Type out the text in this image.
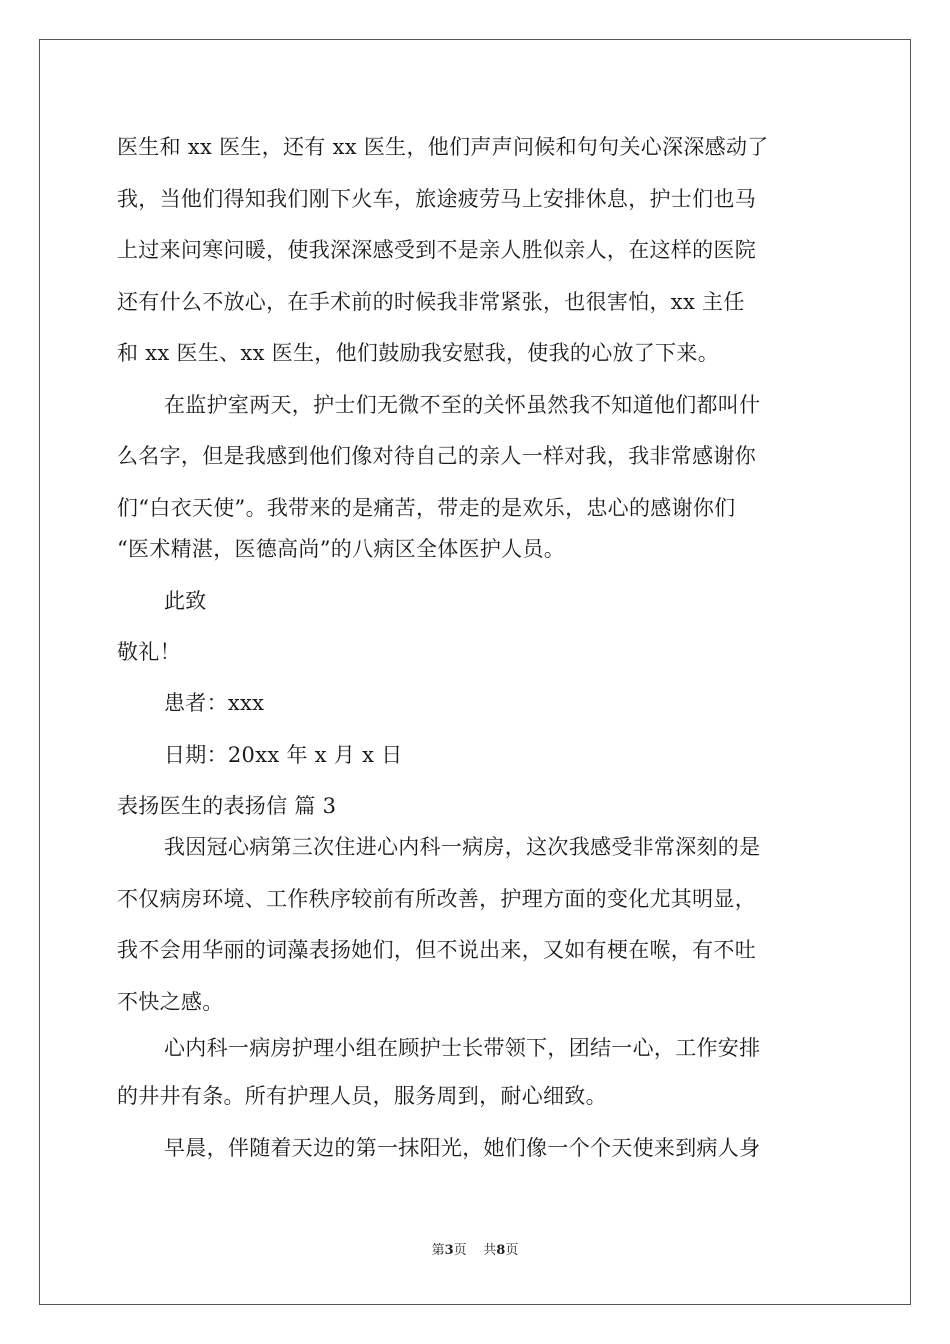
医生和 xx 医生，还有 xx 医生，他们声声问候和句句关心深深感动了
我，当他们得知我们刚下火车，旅途疲劳马上安排休息，护士们也马
上过来问寒问暖，使我深深感受到不是亲人胜似亲人，在这样的医院
还有什么不放心，在手术前的时候我非常紧张，也很害怕，xx 主任
和 xx 医生、xx 医生，他们鼓励我安慰我，使我的心放了下来。
在监护室两天，护士们无微不至的关怀虽然我不知道他们都叫什
么名字，但是我感到他们像对待自己的亲人一样对我，我非常感谢你
们“白衣天使”。我带来的是痛苦，带走的是欢乐，忠心的感谢你们
“医术精湛，医德高尚”的八病区全体医护人员。
此致
敬礼！
患者：xxx
日期：20xx 年 x 月 x 日
表扬医生的表扬信 篇 3
我因冠心病第三次住进心内科一病房，这次我感受非常深刻的是
不仅病房环境、工作秩序较前有所改善，护理方面的变化尤其明显，
我不会用华丽的词藻表扬她们，但不说出来，又如有梗在喉，有不吐
不快之感。
心内科一病房护理小组在顾护士长带领下，团结一心，工作安排
的井井有条。所有护理人员，服务周到，耐心细致。
早晨，伴随着天边的第一抹阳光，她们像一个个天使来到病人身
第3页 共8页
